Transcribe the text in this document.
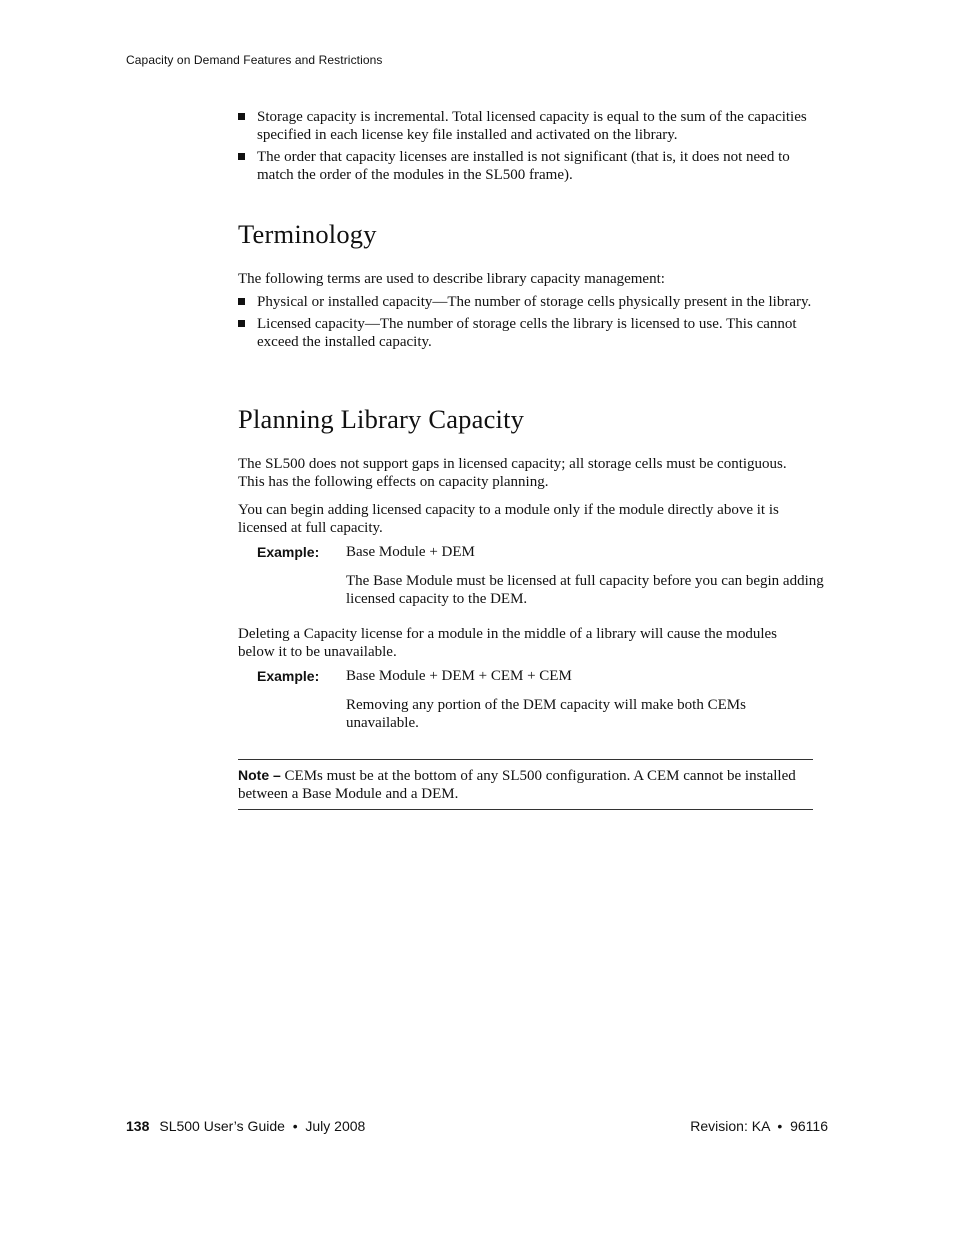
Capacity on Demand Features and Restrictions
Storage capacity is incremental. Total licensed capacity is equal to the sum of the capacities specified in each license key file installed and activated on the library.
The order that capacity licenses are installed is not significant (that is, it does not need to match the order of the modules in the SL500 frame).
Terminology

The following terms are used to describe library capacity management:

Physical or installed capacity—The number of storage cells physically present in the library.
Licensed capacity—The number of storage cells the library is licensed to use. This cannot exceed the installed capacity.
Planning Library Capacity

The SL500 does not support gaps in licensed capacity; all storage cells must be contiguous. This has the following effects on capacity planning.

You can begin adding licensed capacity to a module only if the module directly above it is licensed at full capacity.

Example: Base Module + DEM
The Base Module must be licensed at full capacity before you can begin adding licensed capacity to the DEM.

Deleting a Capacity license for a module in the middle of a library will cause the modules below it to be unavailable.

Example: Base Module + DEM + CEM + CEM
Removing any portion of the DEM capacity will make both CEMs unavailable.
Note – CEMs must be at the bottom of any SL500 configuration. A CEM cannot be installed between a Base Module and a DEM.
138 SL500 User’s Guide  •  July 2008	Revision: KA  •  96116
